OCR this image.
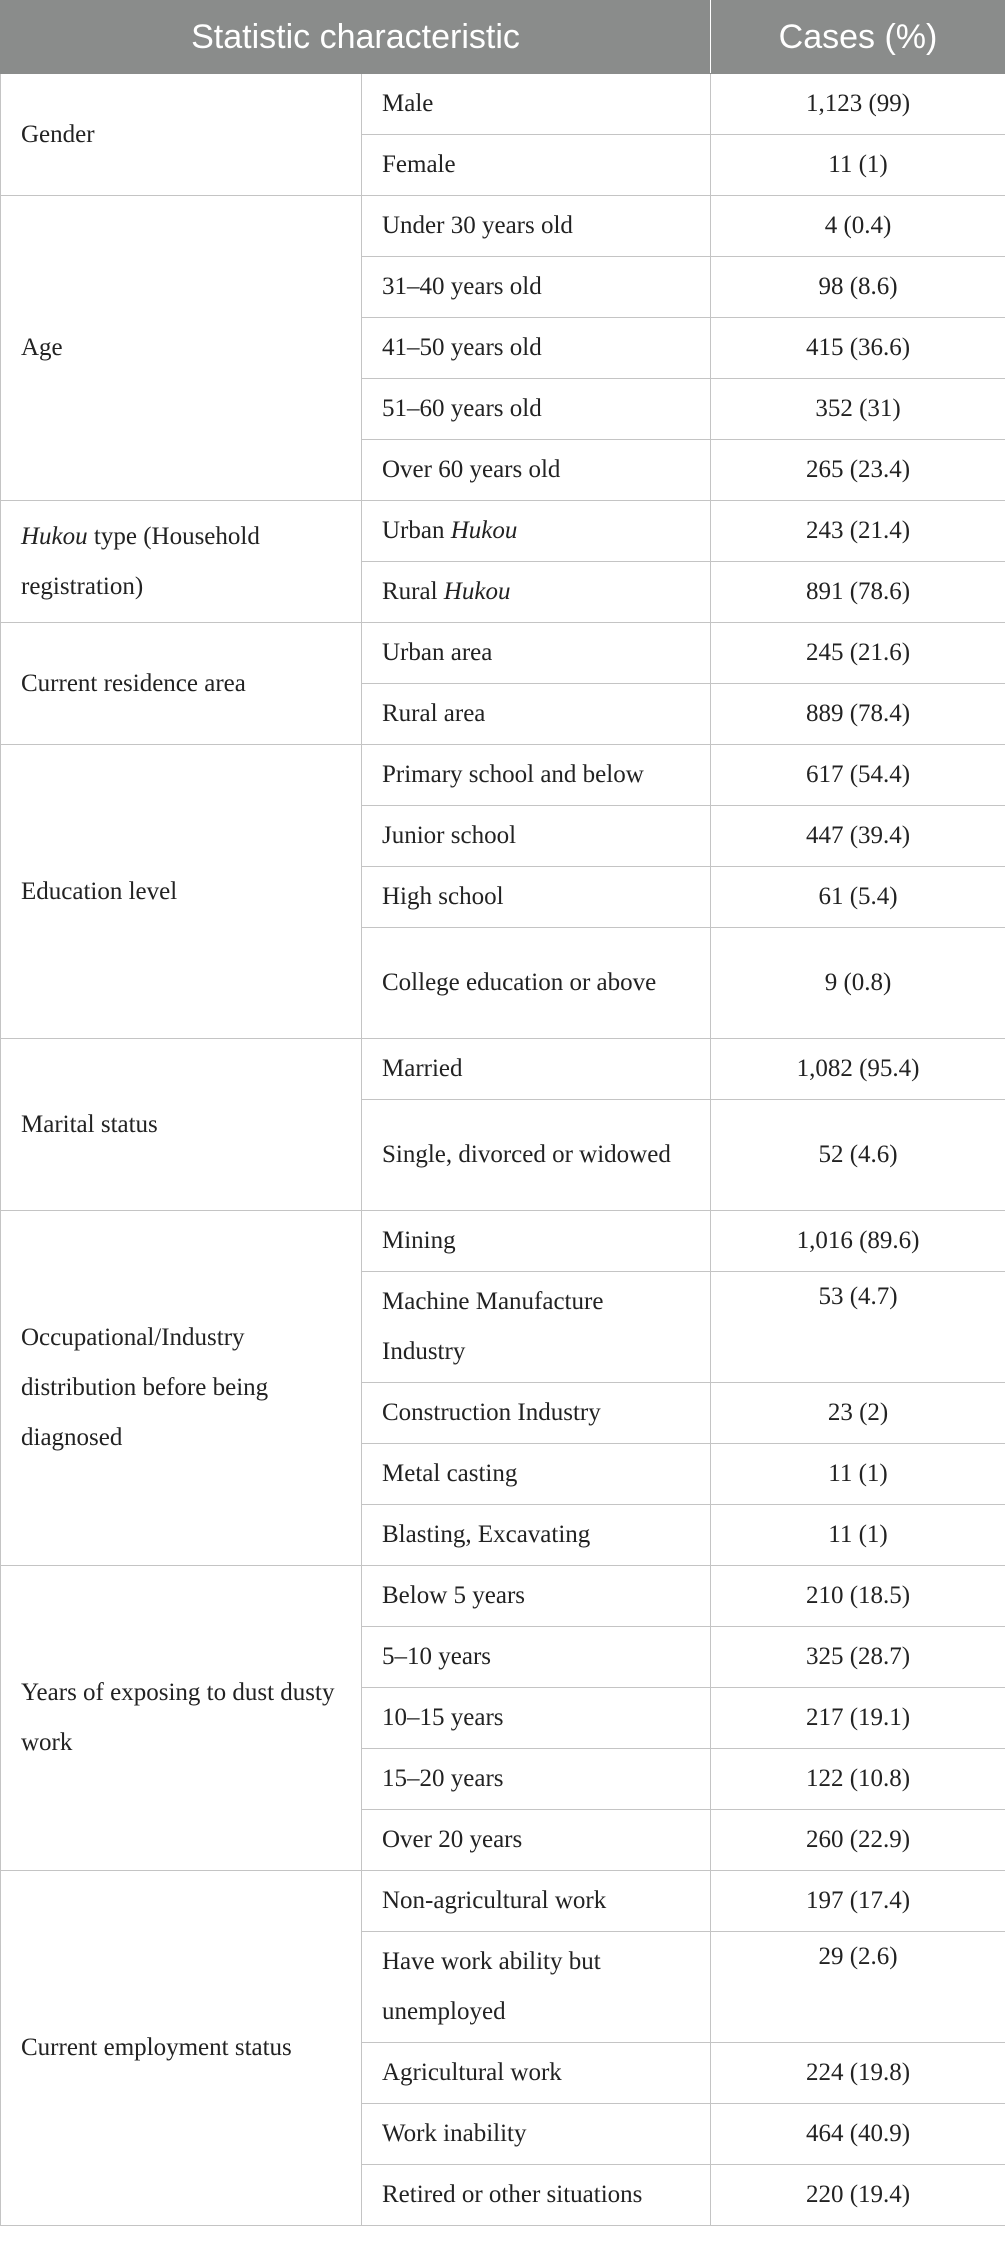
Statistic characteristic		Cases (%)
Gender	Male	1,123 (99)
	Female	11 (1)
Age	Under 30 years old	4 (0.4)
	31–40 years old	98 (8.6)
	41–50 years old	415 (36.6)
	51–60 years old	352 (31)
	Over 60 years old	265 (23.4)
Hukou type (Household registration)	Urban Hukou	243 (21.4)
	Rural Hukou	891 (78.6)
Current residence area	Urban area	245 (21.6)
	Rural area	889 (78.4)
Education level	Primary school and below	617 (54.4)
	Junior school	447 (39.4)
	High school	61 (5.4)
	College education or above	9 (0.8)
Marital status	Married	1,082 (95.4)
	Single, divorced or widowed	52 (4.6)
Occupational/Industry distribution before being diagnosed	Mining	1,016 (89.6)
	Machine Manufacture Industry	53 (4.7)
	Construction Industry	23 (2)
	Metal casting	11 (1)
	Blasting, Excavating	11 (1)
Years of exposing to dust dusty work	Below 5 years	210 (18.5)
	5–10 years	325 (28.7)
	10–15 years	217 (19.1)
	15–20 years	122 (10.8)
	Over 20 years	260 (22.9)
Current employment status	Non-agricultural work	197 (17.4)
	Have work ability but unemployed	29 (2.6)
	Agricultural work	224 (19.8)
	Work inability	464 (40.9)
	Retired or other situations	220 (19.4)
